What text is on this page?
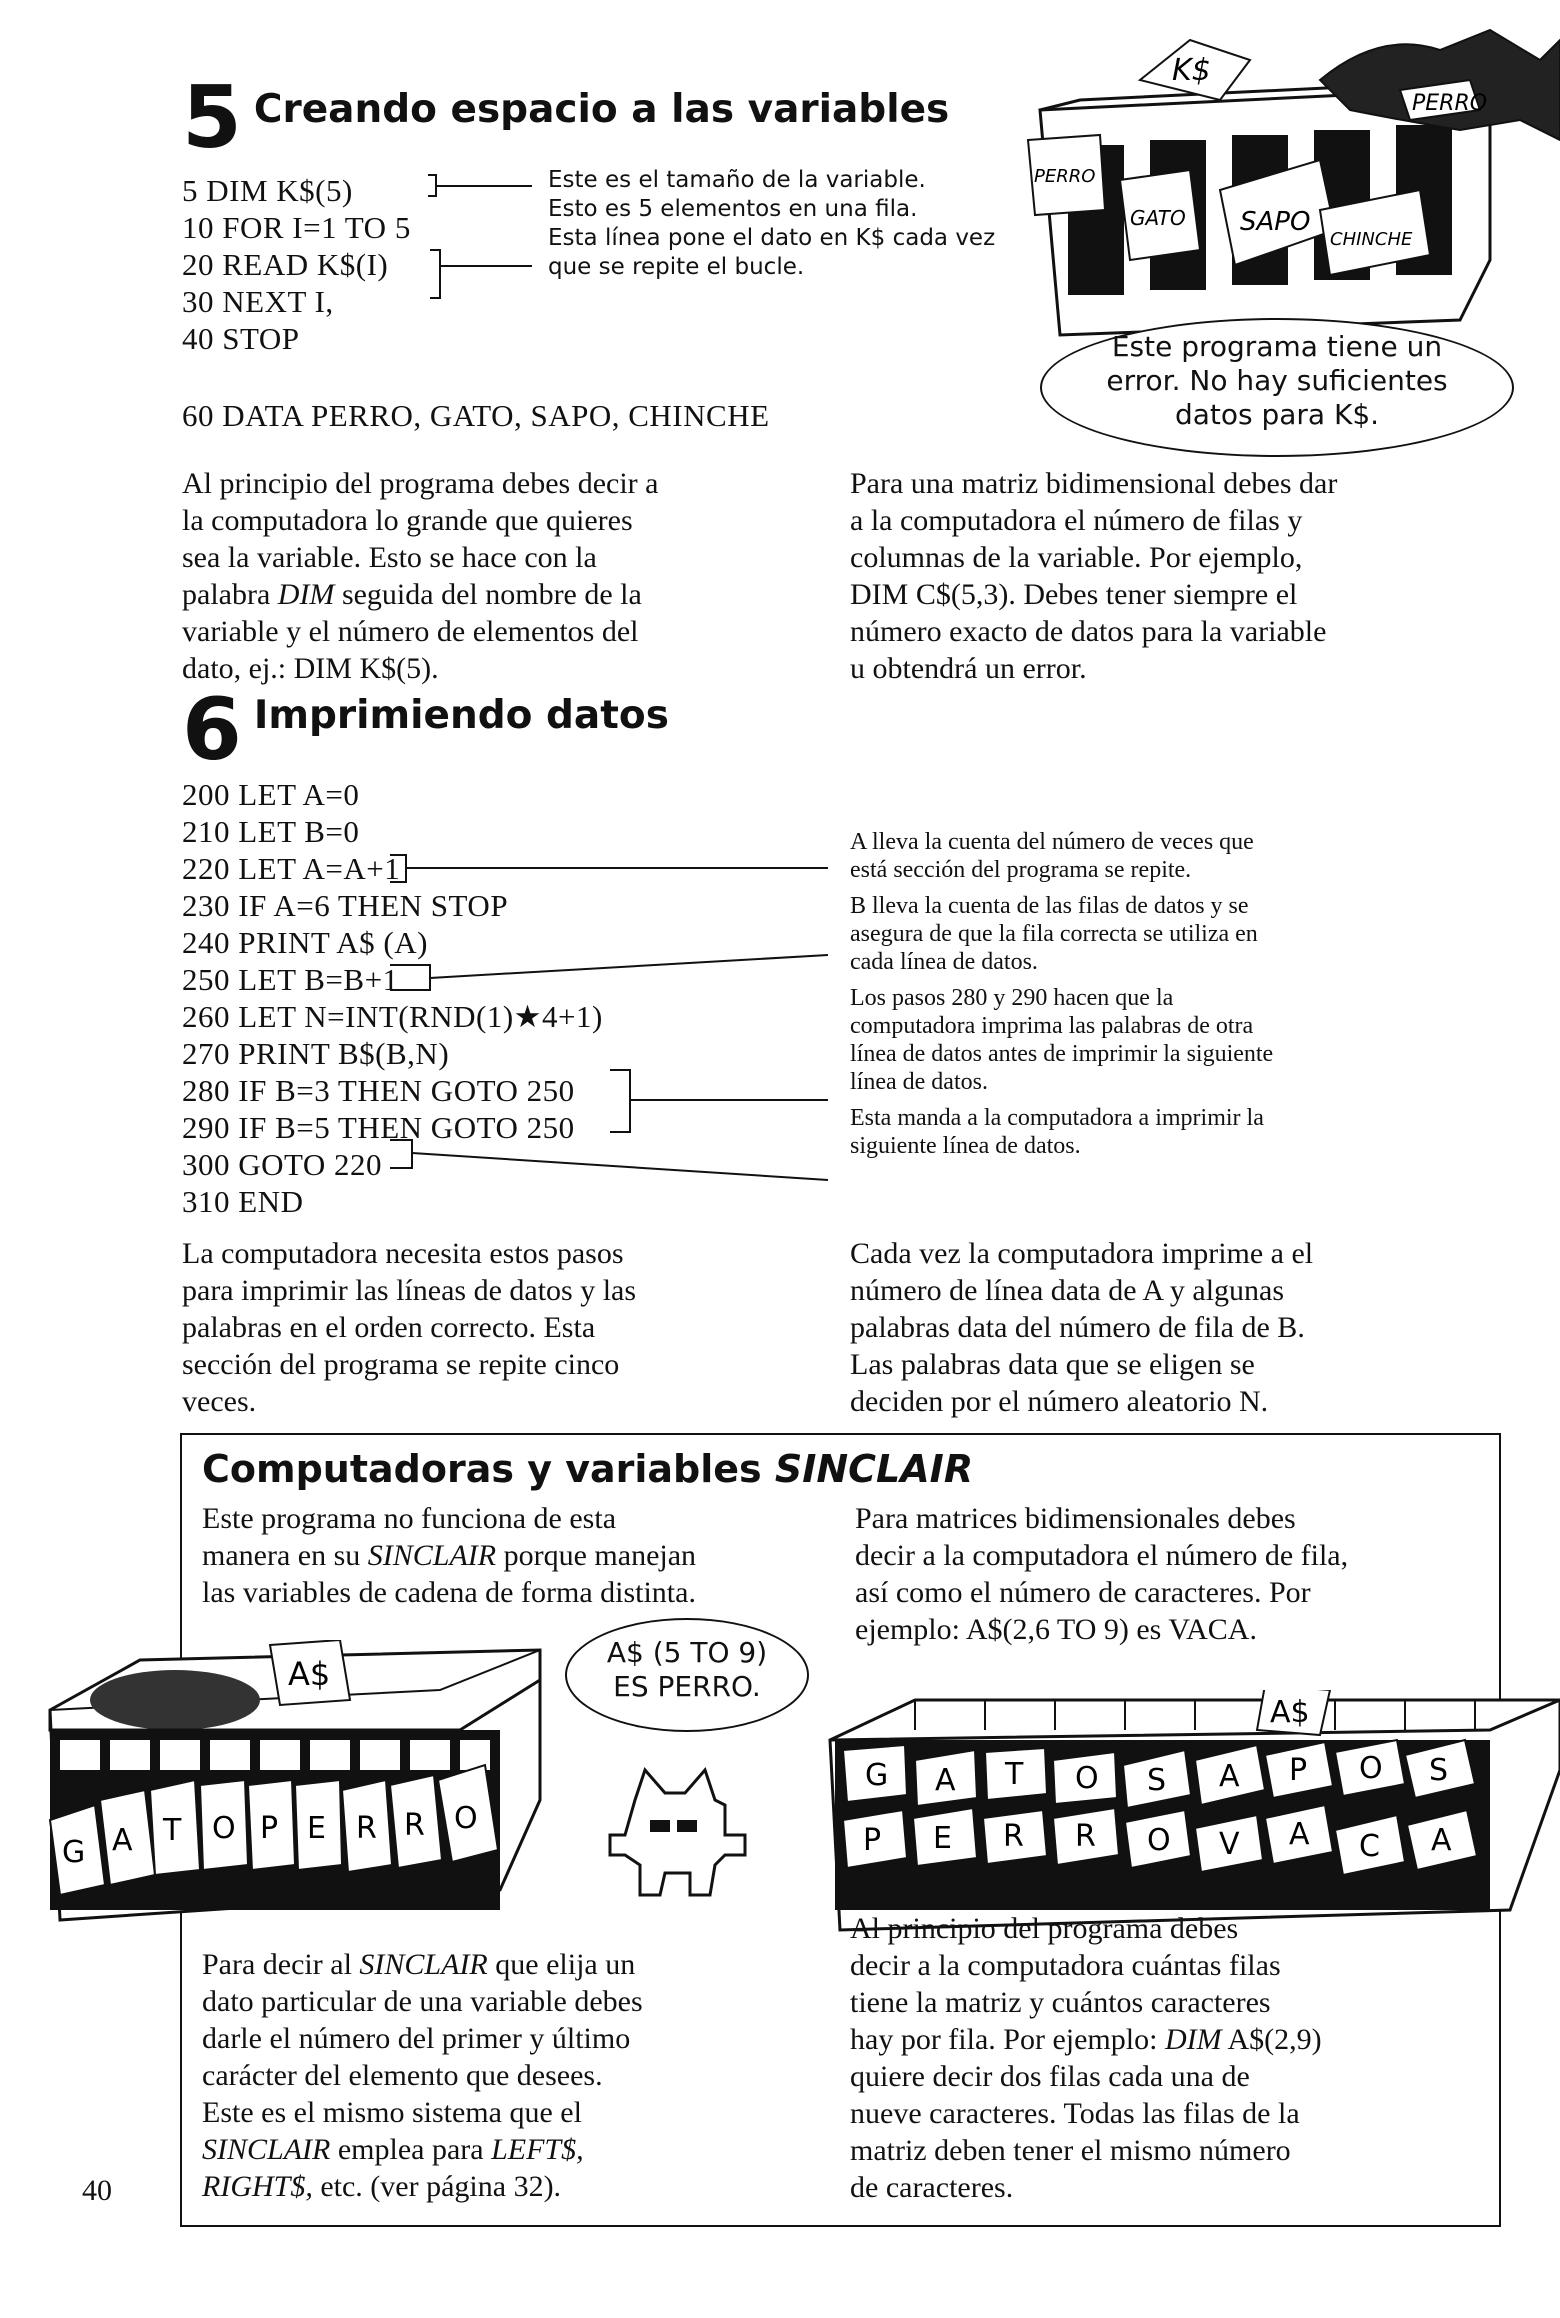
5 Creando espacio a las variables
5 DIM K$(5)
10 FOR I=1 TO 5
20 READ K$(I)
30 NEXT I,
40 STOP
60 DATA PERRO, GATO, SAPO, CHINCHE
Este es el tamaño de la variable.
Esto es 5 elementos en una fila.
Esta línea pone el dato en K$ cada vez
que se repite el bucle.
K$
PERRO
PERRO
GATO SAPO
CHINCHE
Este programa tiene un
error. No hay suficientes
datos para K$.
Al principio del programa debes decir a
la computadora lo grande que quieres
sea la variable. Esto se hace con la
palabra DIM seguida del nombre de la
variable y el número de elementos del
dato, ej.: DIM K$(5).
Para una matriz bidimensional debes dar
a la computadora el número de filas y
columnas de la variable. Por ejemplo,
DIM C$(5,3). Debes tener siempre el
número exacto de datos para la variable
u obtendrá un error.
6 Imprimiendo datos
200 LET A=0
210 LET B=0
220 LET A=A+1
230 IF A=6 THEN STOP
240 PRINT A$ (A)
250 LET B=B+1
260 LET N=INT(RND(1)★4+1)
270 PRINT B$(B,N)
280 IF B=3 THEN GOTO 250
290 IF B=5 THEN GOTO 250
300 GOTO 220
310 END
A lleva la cuenta del número de veces que
está sección del programa se repite.
B lleva la cuenta de las filas de datos y se
asegura de que la fila correcta se utiliza en
cada línea de datos.
Los pasos 280 y 290 hacen que la
computadora imprima las palabras de otra
línea de datos antes de imprimir la siguiente
línea de datos.
Esta manda a la computadora a imprimir la
siguiente línea de datos.
La computadora necesita estos pasos
para imprimir las líneas de datos y las
palabras en el orden correcto. Esta
sección del programa se repite cinco
veces.
Cada vez la computadora imprime a el
número de línea data de A y algunas
palabras data del número de fila de B.
Las palabras data que se eligen se
deciden por el número aleatorio N.
Computadoras y variables SINCLAIR
Este programa no funciona de esta
manera en su SINCLAIR porque manejan
las variables de cadena de forma distinta.
Para matrices bidimensionales debes
decir a la computadora el número de fila,
así como el número de caracteres. Por
ejemplo: A$(2,6 TO 9) es VACA.
A$ (5 TO 9)
ES PERRO.
A$
G A T O P E R R O
A$
G A T O S A P O S
P E R R O V A C A
Para decir al SINCLAIR que elija un
dato particular de una variable debes
darle el número del primer y último
carácter del elemento que desees.
Este es el mismo sistema que el
SINCLAIR emplea para LEFT$,
RIGHT$, etc. (ver página 32).
Al principio del programa debes
decir a la computadora cuántas filas
tiene la matriz y cuántos caracteres
hay por fila. Por ejemplo: DIM A$(2,9)
quiere decir dos filas cada una de
nueve caracteres. Todas las filas de la
matriz deben tener el mismo número
de caracteres.
40
